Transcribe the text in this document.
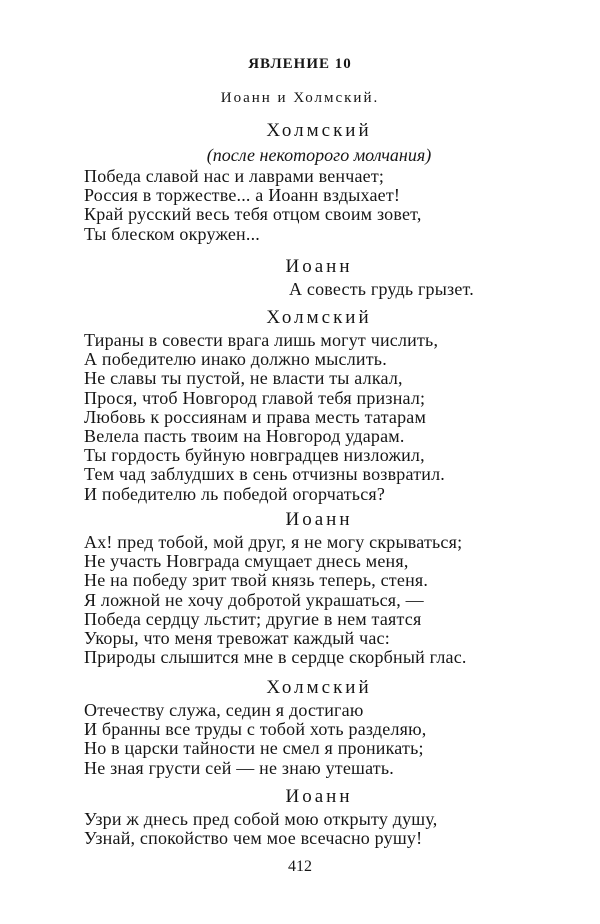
ЯВЛЕНИЕ 10
Иоанн и Холмский.
Холмский
(после некоторого молчания)
Победа славой нас и лаврами венчает;
Россия в торжестве... а Иоанн вздыхает!
Край русский весь тебя отцом своим зовет,
Ты блеском окружен...
Иоанн
А совесть грудь грызет.
Холмский
Тираны в совести врага лишь могут числить,
А победителю инако должно мыслить.
Не славы ты пустой, не власти ты алкал,
Прося, чтоб Новгород главой тебя признал;
Любовь к россиянам и права месть татарам
Велела пасть твоим на Новгород ударам.
Ты гордость буйную новградцев низложил,
Тем чад заблудших в сень отчизны возвратил.
И победителю ль победой огорчаться?
Иоанн
Ах! пред тобой, мой друг, я не могу скрываться;
Не участь Новграда смущает днесь меня,
Не на победу зрит твой князь теперь, стеня.
Я ложной не хочу добротой украшаться, —
Победа сердцу льстит; другие в нем таятся
Укоры, что меня тревожат каждый час:
Природы слышится мне в сердце скорбный глас.
Холмский
Отечеству служа, седин я достигаю
И бранны все труды с тобой хоть разделяю,
Но в царски тайности не смел я проникать;
Не зная грусти сей — не знаю утешать.
Иоанн
Узри ж днесь пред собой мою открыту душу,
Узнай, спокойство чем мое всечасно рушу!
412
